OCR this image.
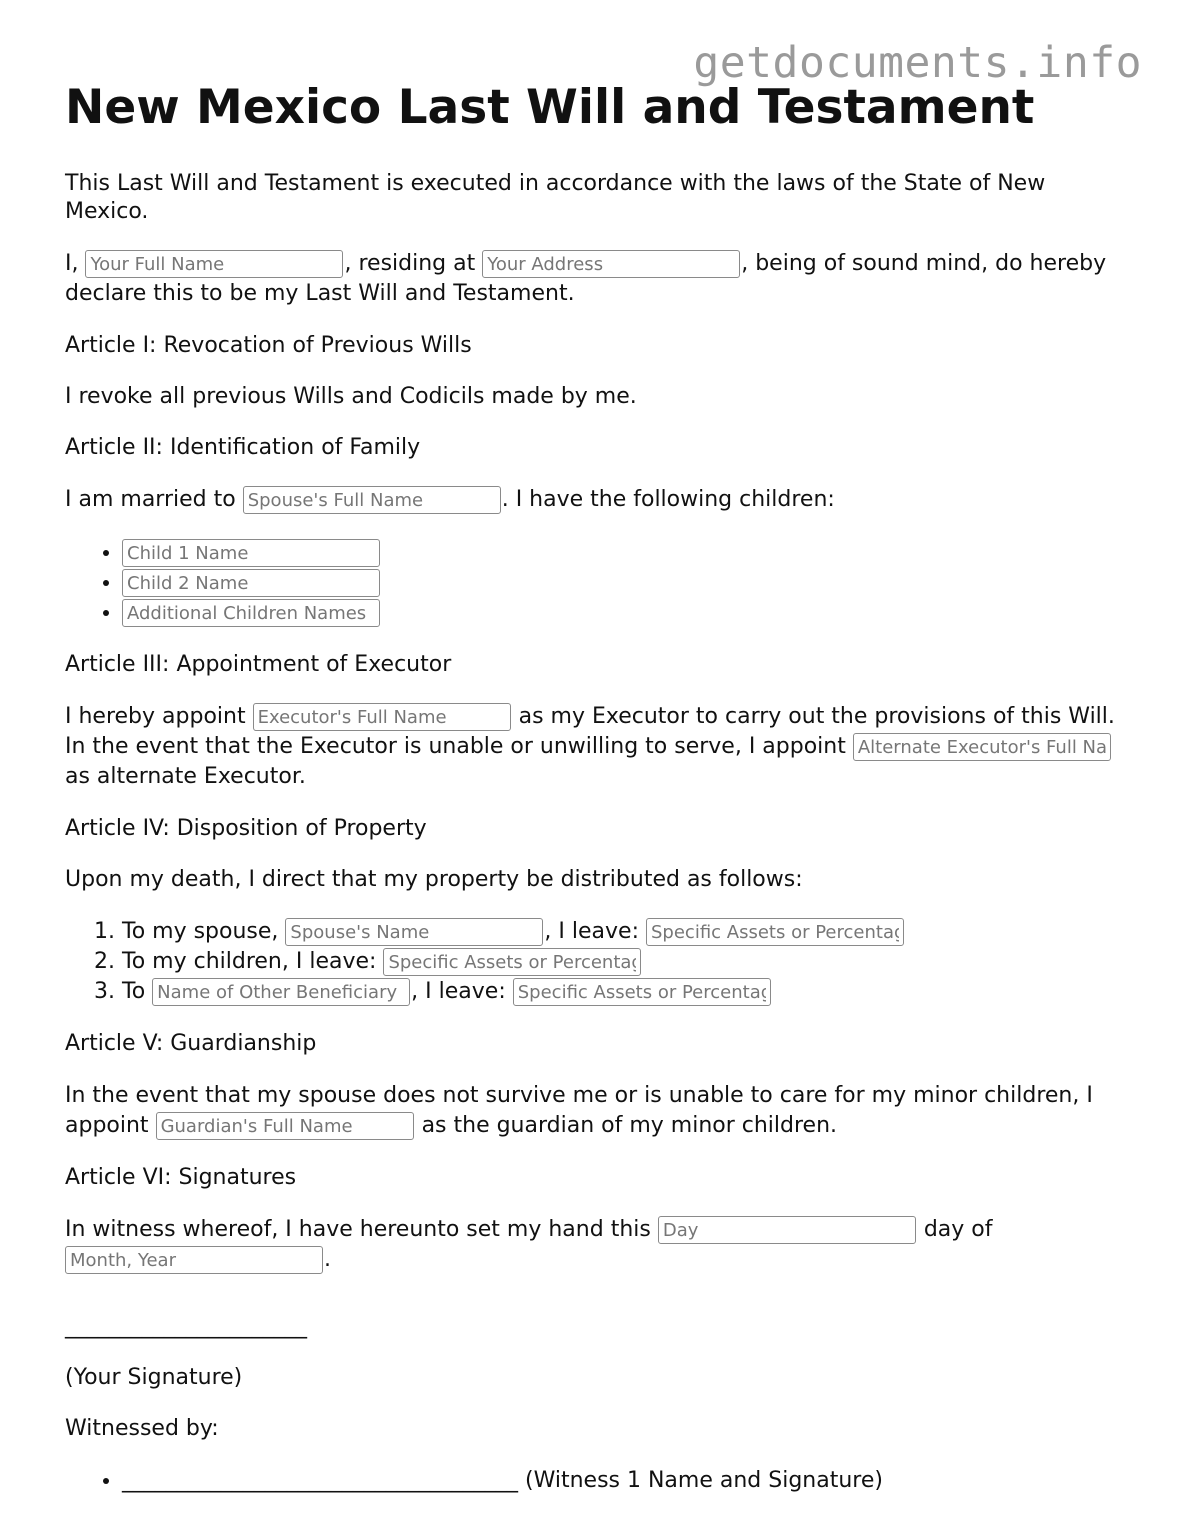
getdocuments.info
New Mexico Last Will and Testament

This Last Will and Testament is executed in accordance with the laws of the State of New Mexico.

I, Your Full Name	, residing at Your Address	, being of sound mind, do hereby declare this to be my Last Will and Testament.

Article I: Revocation of Previous Wills

I revoke all previous Wills and Codicils made by me.

Article II: Identification of Family

I am married to Spouse's Full Name	. I have the following children:

• Child 1 Name
• Child 2 Name
• Additional Children Names

Article III: Appointment of Executor

I hereby appoint Executor's Full Name	as my Executor to carry out the provisions of this Will. In the event that the Executor is unable or unwilling to serve, I appoint Alternate Executor's Full Name as alternate Executor.

Article IV: Disposition of Property

Upon my death, I direct that my property be distributed as follows:

1. To my spouse, Spouse's Name	, I leave: Specific Assets or Percentage
2. To my children, I leave: Specific Assets or Percentage
3. To Name of Other Beneficiary	, I leave: Specific Assets or Percentage

Article V: Guardianship

In the event that my spouse does not survive me or is unable to care for my minor children, I appoint Guardian's Full Name	as the guardian of my minor children.

Article VI: Signatures

In witness whereof, I have hereunto set my hand this Day	day of Month, Year.

______________________

(Your Signature)

Witnessed by:

• ____________________________________ (Witness 1 Name and Signature)
